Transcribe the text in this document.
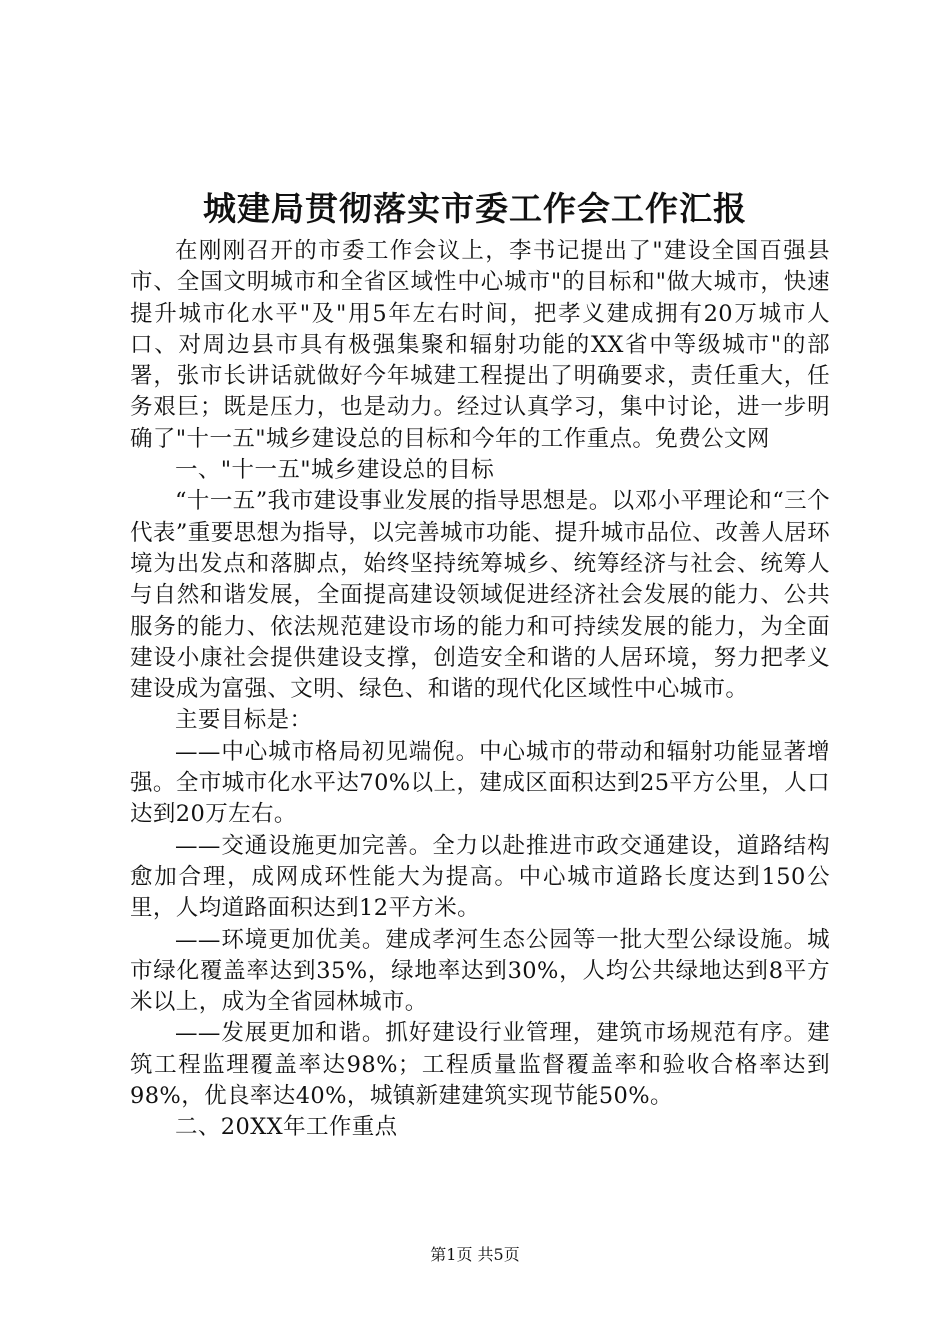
城建局贯彻落实市委工作会工作汇报

在刚刚召开的市委工作会议上，李书记提出了"建设全国百强县市、全国文明城市和全省区域性中心城市"的目标和"做大城市，快速提升城市化水平"及"用5年左右时间，把孝义建成拥有20万城市人口、对周边县市具有极强集聚和辐射功能的XX省中等级城市"的部署，张市长讲话就做好今年城建工程提出了明确要求，责任重大，任务艰巨；既是压力，也是动力。经过认真学习，集中讨论，进一步明确了"十一五"城乡建设总的目标和今年的工作重点。免费公文网

一、"十一五"城乡建设总的目标

“十一五”我市建设事业发展的指导思想是。以邓小平理论和“三个代表”重要思想为指导，以完善城市功能、提升城市品位、改善人居环境为出发点和落脚点，始终坚持统筹城乡、统筹经济与社会、统筹人与自然和谐发展，全面提高建设领域促进经济社会发展的能力、公共服务的能力、依法规范建设市场的能力和可持续发展的能力，为全面建设小康社会提供建设支撑，创造安全和谐的人居环境，努力把孝义建设成为富强、文明、绿色、和谐的现代化区域性中心城市。

主要目标是：

——中心城市格局初见端倪。中心城市的带动和辐射功能显著增强。全市城市化水平达70%以上，建成区面积达到25平方公里，人口达到20万左右。

——交通设施更加完善。全力以赴推进市政交通建设，道路结构愈加合理，成网成环性能大为提高。中心城市道路长度达到150公里，人均道路面积达到12平方米。

——环境更加优美。建成孝河生态公园等一批大型公绿设施。城市绿化覆盖率达到35%，绿地率达到30%，人均公共绿地达到8平方米以上，成为全省园林城市。

——发展更加和谐。抓好建设行业管理，建筑市场规范有序。建筑工程监理覆盖率达98%；工程质量监督覆盖率和验收合格率达到98%，优良率达40%，城镇新建建筑实现节能50%。

二、20XX年工作重点

第1页 共5页
